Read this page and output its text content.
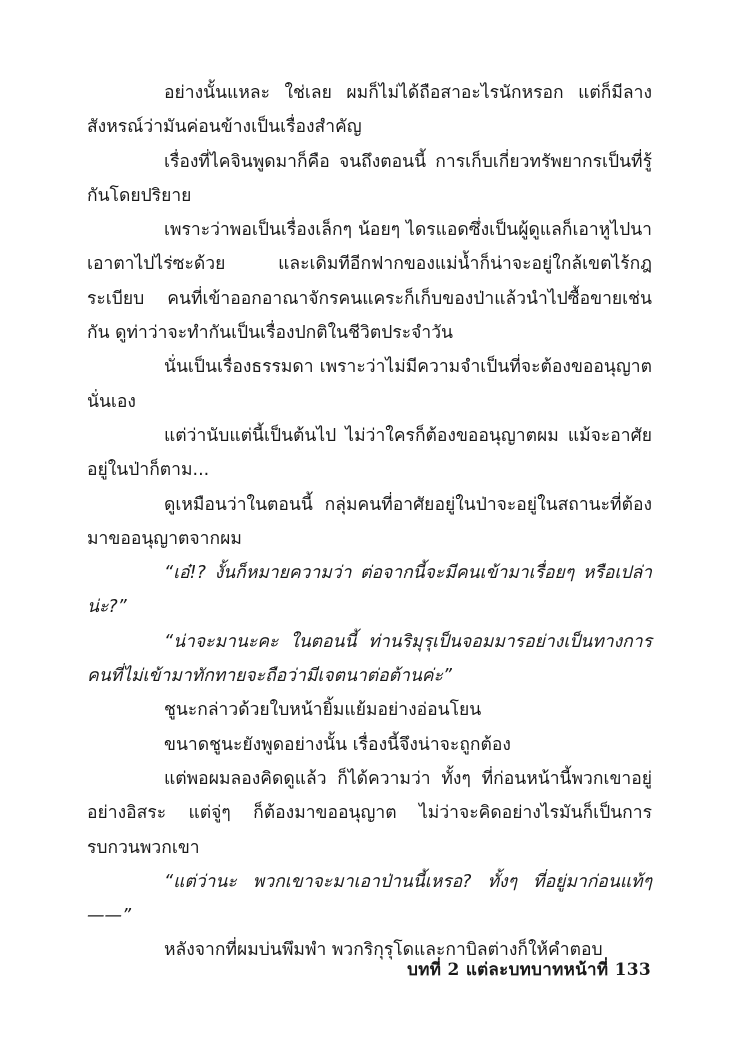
อย่างนั้นแหละ ใช่เลย ผมก็ไม่ได้ถือสาอะไรนักหรอก แต่ก็มีลางสังหรณ์ว่ามันค่อนข้างเป็นเรื่องสำคัญ

เรื่องที่ไคจินพูดมาก็คือ จนถึงตอนนี้ การเก็บเกี่ยวทรัพยากรเป็นที่รู้กันโดยปริยาย

เพราะว่าพอเป็นเรื่องเล็กๆ น้อยๆ ไดรแอดซึ่งเป็นผู้ดูแลก็เอาหูไปนาเอาตาไปไร่ซะด้วย และเดิมทีอีกฟากของแม่น้ำก็น่าจะอยู่ใกล้เขตไร้กฎระเบียบ คนที่เข้าออกอาณาจักรคนแคระก็เก็บของป่าแล้วนำไปซื้อขายเช่นกัน ดูท่าว่าจะทำกันเป็นเรื่องปกติในชีวิตประจำวัน

นั่นเป็นเรื่องธรรมดา เพราะว่าไม่มีความจำเป็นที่จะต้องขออนุญาตนั่นเอง

แต่ว่านับแต่นี้เป็นต้นไป ไม่ว่าใครก็ต้องขออนุญาตผม แม้จะอาศัยอยู่ในป่าก็ตาม...

ดูเหมือนว่าในตอนนี้ กลุ่มคนที่อาศัยอยู่ในป่าจะอยู่ในสถานะที่ต้องมาขออนุญาตจากผม

“เอ๋!? งั้นก็หมายความว่า ต่อจากนี้จะมีคนเข้ามาเรื่อยๆ หรือเปล่าน่ะ?”

“น่าจะมานะคะ ในตอนนี้ ท่านริมุรุเป็นจอมมารอย่างเป็นทางการ คนที่ไม่เข้ามาทักทายจะถือว่ามีเจตนาต่อต้านค่ะ”

ชูนะกล่าวด้วยใบหน้ายิ้มแย้มอย่างอ่อนโยน

ขนาดชูนะยังพูดอย่างนั้น เรื่องนี้จึงน่าจะถูกต้อง

แต่พอผมลองคิดดูแล้ว ก็ได้ความว่า ทั้งๆ ที่ก่อนหน้านี้พวกเขาอยู่อย่างอิสระ แต่จู่ๆ ก็ต้องมาขออนุญาต ไม่ว่าจะคิดอย่างไรมันก็เป็นการรบกวนพวกเขา

“แต่ว่านะ พวกเขาจะมาเอาป่านนี้เหรอ? ทั้งๆ ที่อยู่มาก่อนแท้ๆ——”

หลังจากที่ผมบ่นพึมพำ พวกริกุรุโดและกาบิลต่างก็ให้คำตอบ

บทที่ 2 แต่ละบทบาทหน้าที่ 133
